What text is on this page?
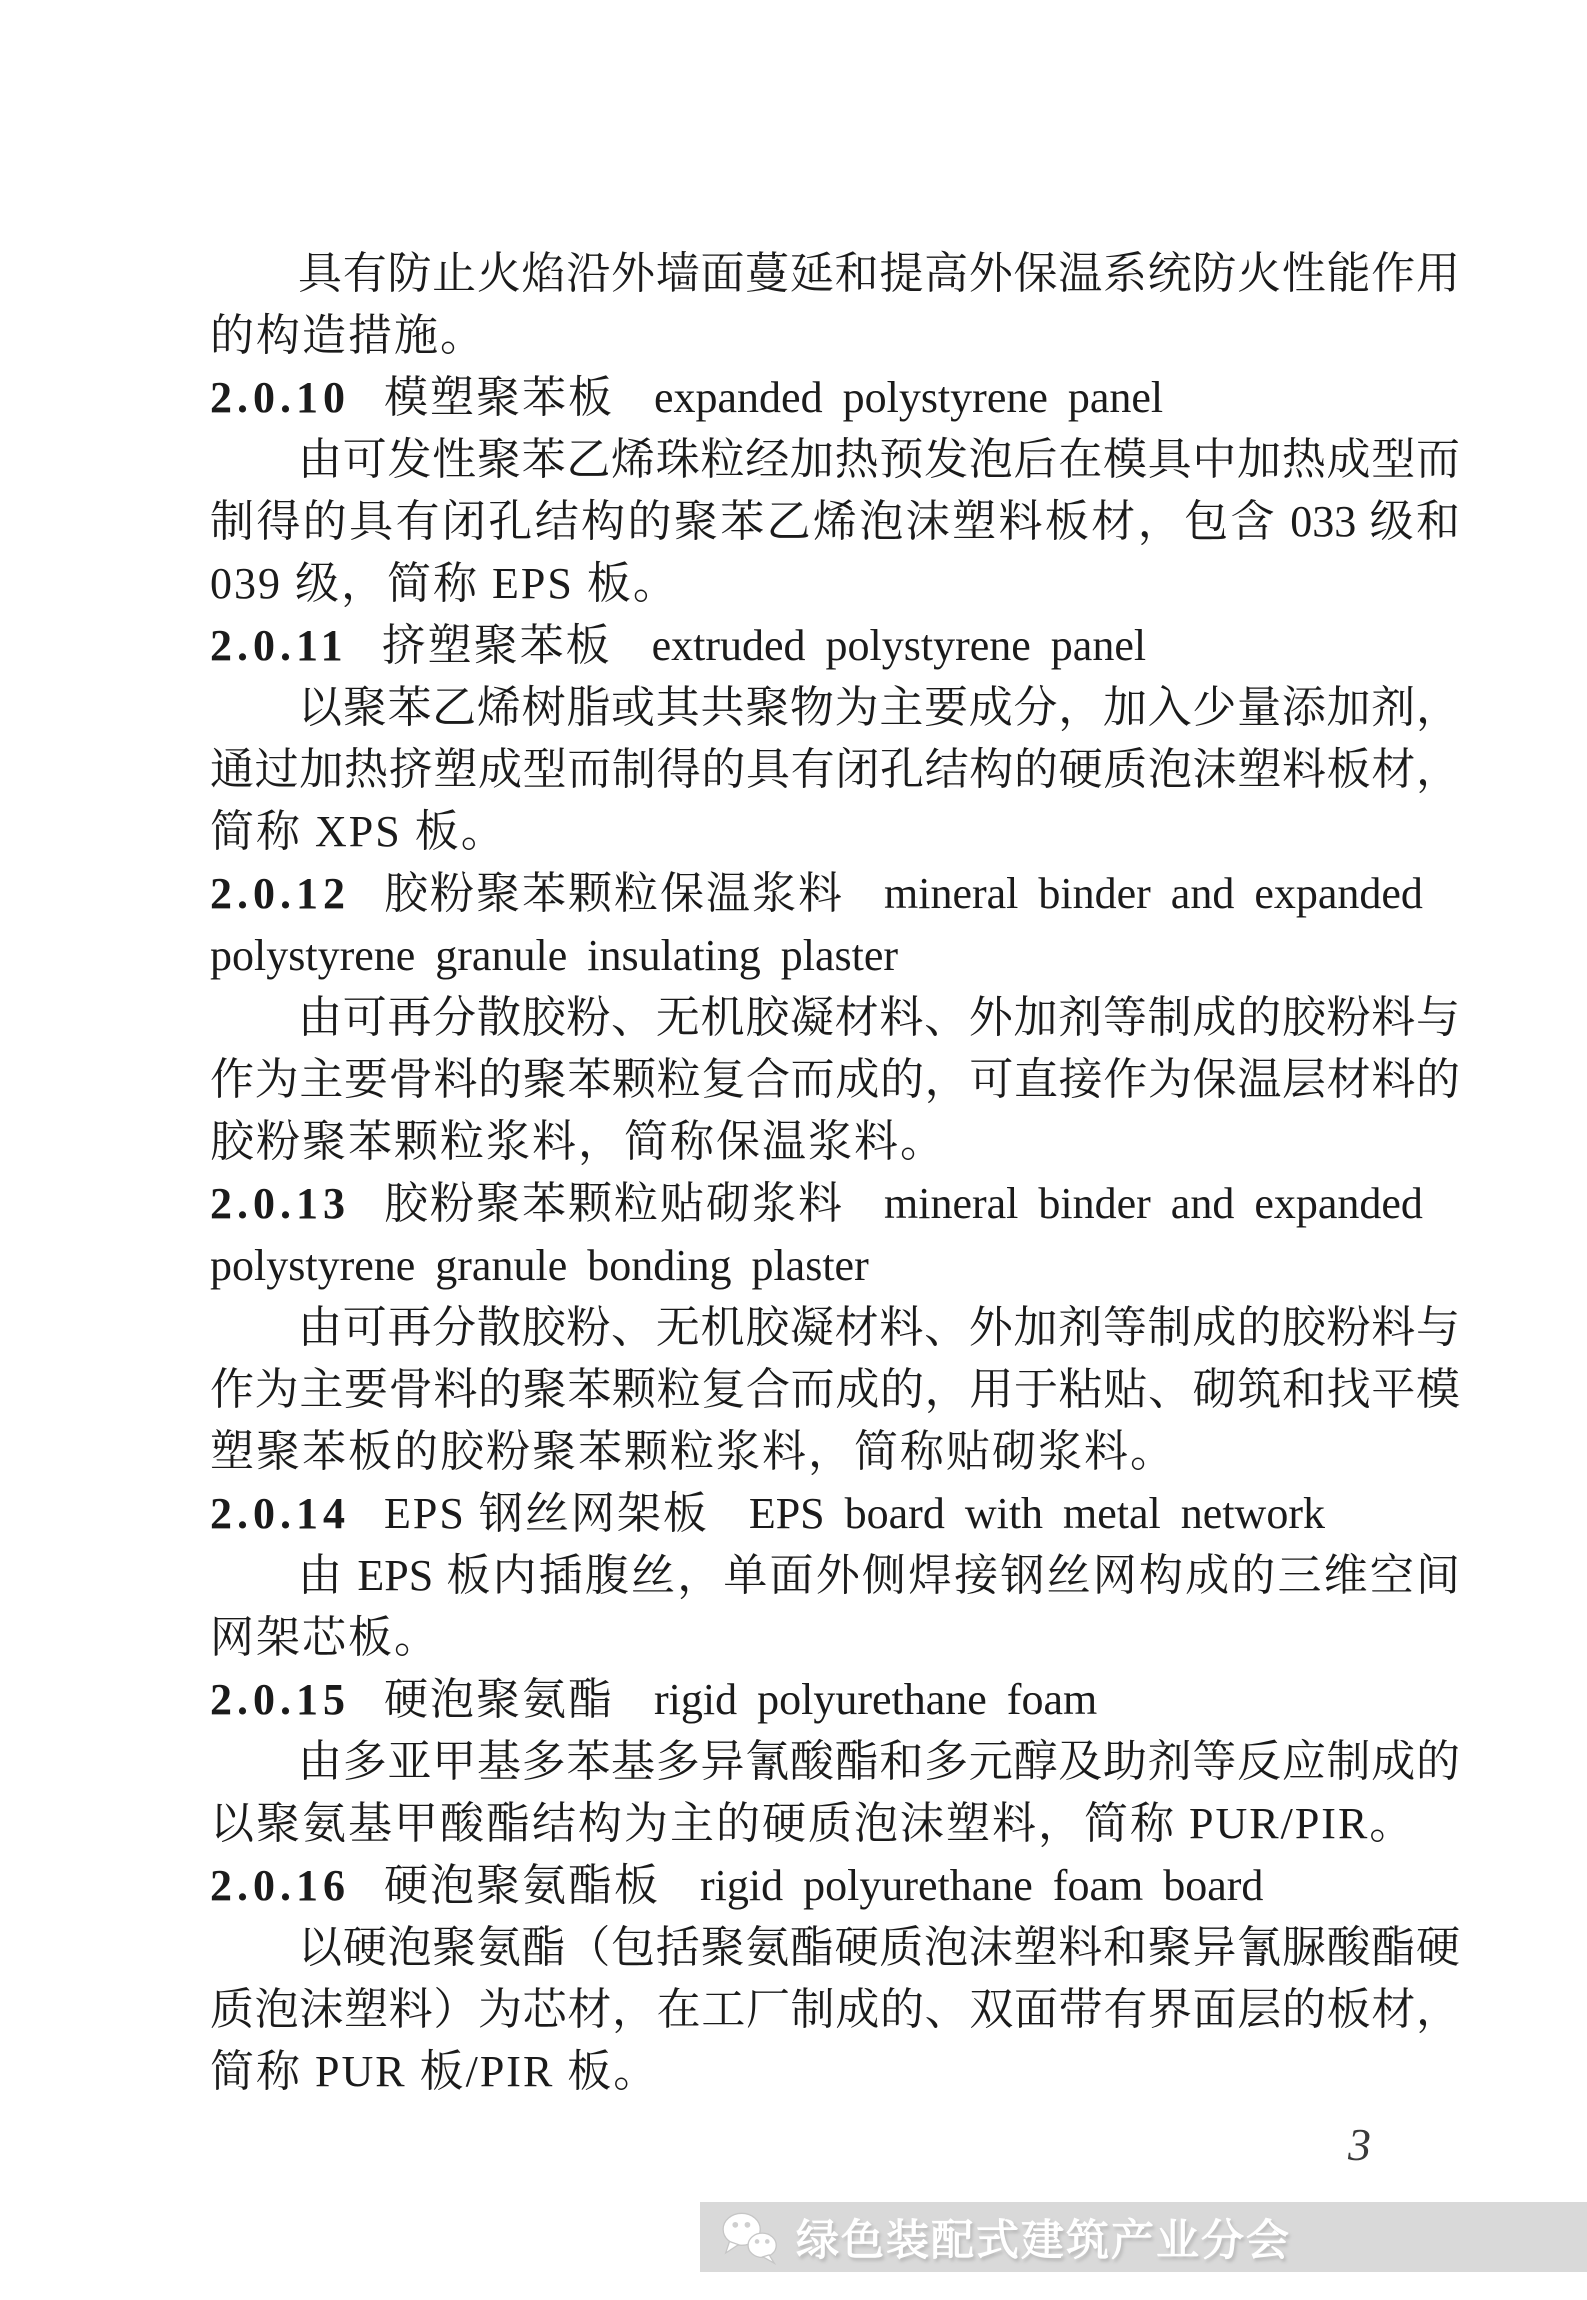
具有防止火焰沿外墙面蔓延和提高外保温系统防火性能作用
的构造措施。
2.0.10 模塑聚苯板 expanded polystyrene panel
由可发性聚苯乙烯珠粒经加热预发泡后在模具中加热成型而
制得的具有闭孔结构的聚苯乙烯泡沫塑料板材，包含 033 级和
039 级，简称 EPS 板。
2.0.11 挤塑聚苯板 extruded polystyrene panel
以聚苯乙烯树脂或其共聚物为主要成分，加入少量添加剂，
通过加热挤塑成型而制得的具有闭孔结构的硬质泡沫塑料板材，
简称 XPS 板。
2.0.12 胶粉聚苯颗粒保温浆料 mineral binder and expanded
polystyrene granule insulating plaster
由可再分散胶粉、无机胶凝材料、外加剂等制成的胶粉料与
作为主要骨料的聚苯颗粒复合而成的，可直接作为保温层材料的
胶粉聚苯颗粒浆料，简称保温浆料。
2.0.13 胶粉聚苯颗粒贴砌浆料 mineral binder and expanded
polystyrene granule bonding plaster
由可再分散胶粉、无机胶凝材料、外加剂等制成的胶粉料与
作为主要骨料的聚苯颗粒复合而成的，用于粘贴、砌筑和找平模
塑聚苯板的胶粉聚苯颗粒浆料，简称贴砌浆料。
2.0.14 EPS 钢丝网架板 EPS board with metal network
由 EPS 板内插腹丝，单面外侧焊接钢丝网构成的三维空间
网架芯板。
2.0.15 硬泡聚氨酯 rigid polyurethane foam
由多亚甲基多苯基多异氰酸酯和多元醇及助剂等反应制成的
以聚氨基甲酸酯结构为主的硬质泡沫塑料，简称 PUR/PIR。
2.0.16 硬泡聚氨酯板 rigid polyurethane foam board
以硬泡聚氨酯（包括聚氨酯硬质泡沫塑料和聚异氰脲酸酯硬
质泡沫塑料）为芯材，在工厂制成的、双面带有界面层的板材，
简称 PUR 板/PIR 板。
3
绿色装配式建筑产业分会
